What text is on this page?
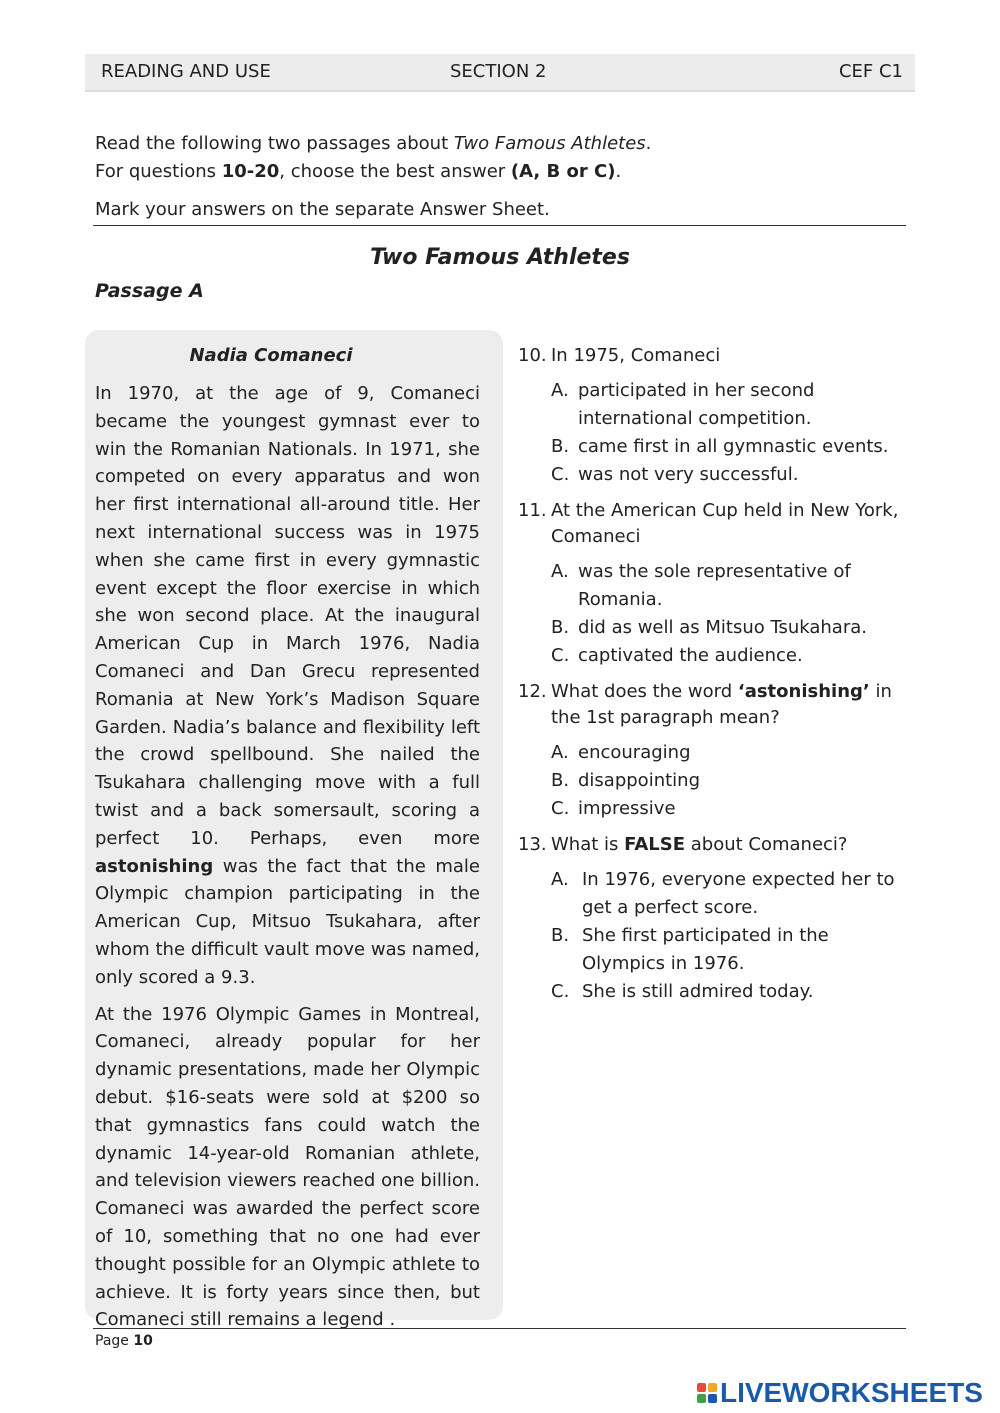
READING AND USE	SECTION 2	CEF C1

Read the following two passages about Two Famous Athletes.

For questions 10-20, choose the best answer (A, B or C).

Mark your answers on the separate Answer Sheet.

Two Famous Athletes
Passage A
Nadia Comaneci

In 1970, at the age of 9, Comaneci became the youngest gymnast ever to win the Romanian Nationals. In 1971, she competed on every apparatus and won her first international all-around title. Her next international success was in 1975 when she came first in every gymnastic event except the floor exercise in which she won second place. At the inaugural American Cup in March 1976, Nadia Comaneci and Dan Grecu represented Romania at New York’s Madison Square Garden. Nadia’s balance and flexibility left the crowd spellbound. She nailed the Tsukahara challenging move with a full twist and a back somersault, scoring a perfect 10. Perhaps, even more astonishing was the fact that the male Olympic champion participating in the American Cup, Mitsuo Tsukahara, after whom the difficult vault move was named, only scored a 9.3.

At the 1976 Olympic Games in Montreal, Comaneci, already popular for her dynamic presentations, made her Olympic debut. $16-seats were sold at $200 so that gymnastics fans could watch the dynamic 14-year-old Romanian athlete, and television viewers reached one billion. Comaneci was awarded the perfect score of 10, something that no one had ever thought possible for an Olympic athlete to achieve. It is forty years since then, but Comaneci still remains a legend .

10. In 1975, Comaneci
A. participated in her second international competition.
B. came first in all gymnastic events.
C. was not very successful.
11. At the American Cup held in New York, Comaneci
A. was the sole representative of Romania.
B. did as well as Mitsuo Tsukahara.
C. captivated the audience.
12. What does the word ‘astonishing’ in the 1st paragraph mean?
A. encouraging
B. disappointing
C. impressive
13. What is FALSE about Comaneci?
A. In 1976, everyone expected her to get a perfect score.
B. She first participated in the Olympics in 1976.
C. She is still admired today.
Page 10
LIVEWORKSHEETS
